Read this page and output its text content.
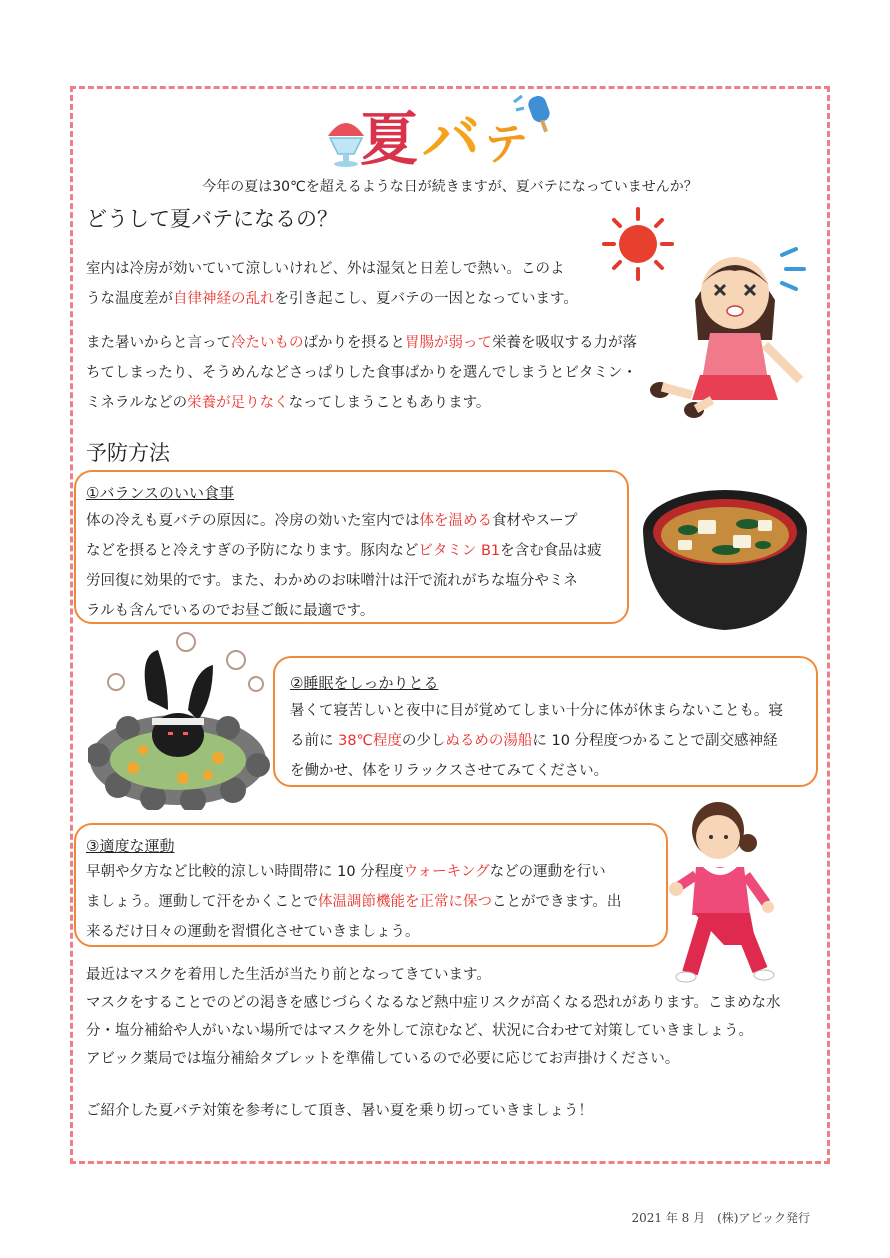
夏バテ
今年の夏は30℃を超えるような日が続きますが、夏バテになっていませんか？
どうして夏バテになるの？
室内は冷房が効いていて涼しいけれど、外は湿気と日差しで熱い。このよ
うな温度差が自律神経の乱れを引き起こし、夏バテの一因となっています。
また暑いからと言って冷たいものばかりを摂ると胃腸が弱って栄養を吸収する力が落
ちてしまったり、そうめんなどさっぱりした食事ばかりを選んでしまうとビタミン・
ミネラルなどの栄養が足りなくなってしまうこともあります。
予防方法
①バランスのいい食事
体の冷えも夏バテの原因に。冷房の効いた室内では体を温める食材やスープ
などを摂ると冷えすぎの予防になります。豚肉などビタミン B1を含む食品は疲
労回復に効果的です。また、わかめのお味噌汁は汗で流れがちな塩分やミネ
ラルも含んでいるのでお昼ご飯に最適です。
②睡眠をしっかりとる
暑くて寝苦しいと夜中に目が覚めてしまい十分に体が休まらないことも。寝
る前に 38℃程度の少しぬるめの湯船に 10 分程度つかることで副交感神経
を働かせ、体をリラックスさせてみてください。
③適度な運動
早朝や夕方など比較的涼しい時間帯に 10 分程度ウォーキングなどの運動を行い
ましょう。運動して汗をかくことで体温調節機能を正常に保つことができます。出
来るだけ日々の運動を習慣化させていきましょう。
最近はマスクを着用した生活が当たり前となってきています。
マスクをすることでのどの渇きを感じづらくなるなど熱中症リスクが高くなる恐れがあります。こまめな水
分・塩分補給や人がいない場所ではマスクを外して涼むなど、状況に合わせて対策していきましょう。
アビック薬局では塩分補給タブレットを準備しているので必要に応じてお声掛けください。
ご紹介した夏バテ対策を参考にして頂き、暑い夏を乗り切っていきましょう！
2021 年 8 月　(株)アビック発行
